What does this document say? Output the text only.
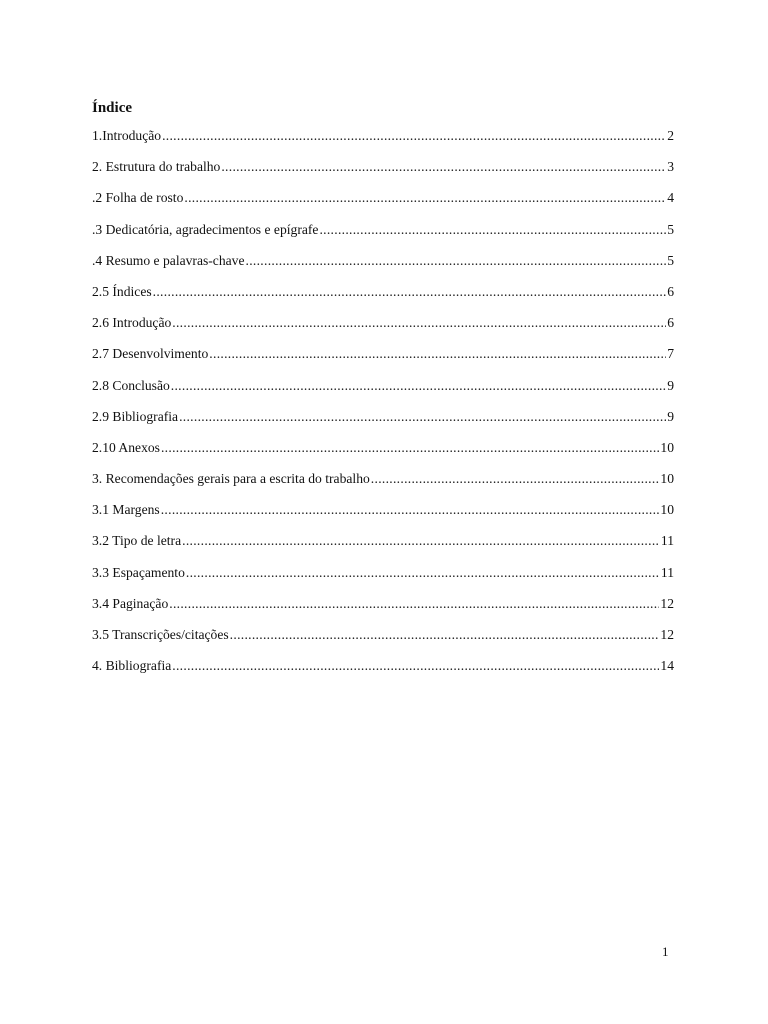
Índice
1.Introdução .....	2
2. Estrutura do trabalho .....	3
.2 Folha de rosto .....	4
.3 Dedicatória, agradecimentos e epígrafe .....	5
.4 Resumo e palavras-chave .....	5
2.5 Índices .....	6
2.6 Introdução .....	6
2.7 Desenvolvimento .....	7
2.8 Conclusão .....	9
2.9 Bibliografia .....	9
2.10 Anexos .....	10
3. Recomendações gerais para a escrita do trabalho .....	10
3.1 Margens .....	10
3.2 Tipo de letra .....	11
3.3 Espaçamento .....	11
3.4 Paginação .....	12
3.5 Transcrições/citações .....	12
4. Bibliografia .....	14
1
